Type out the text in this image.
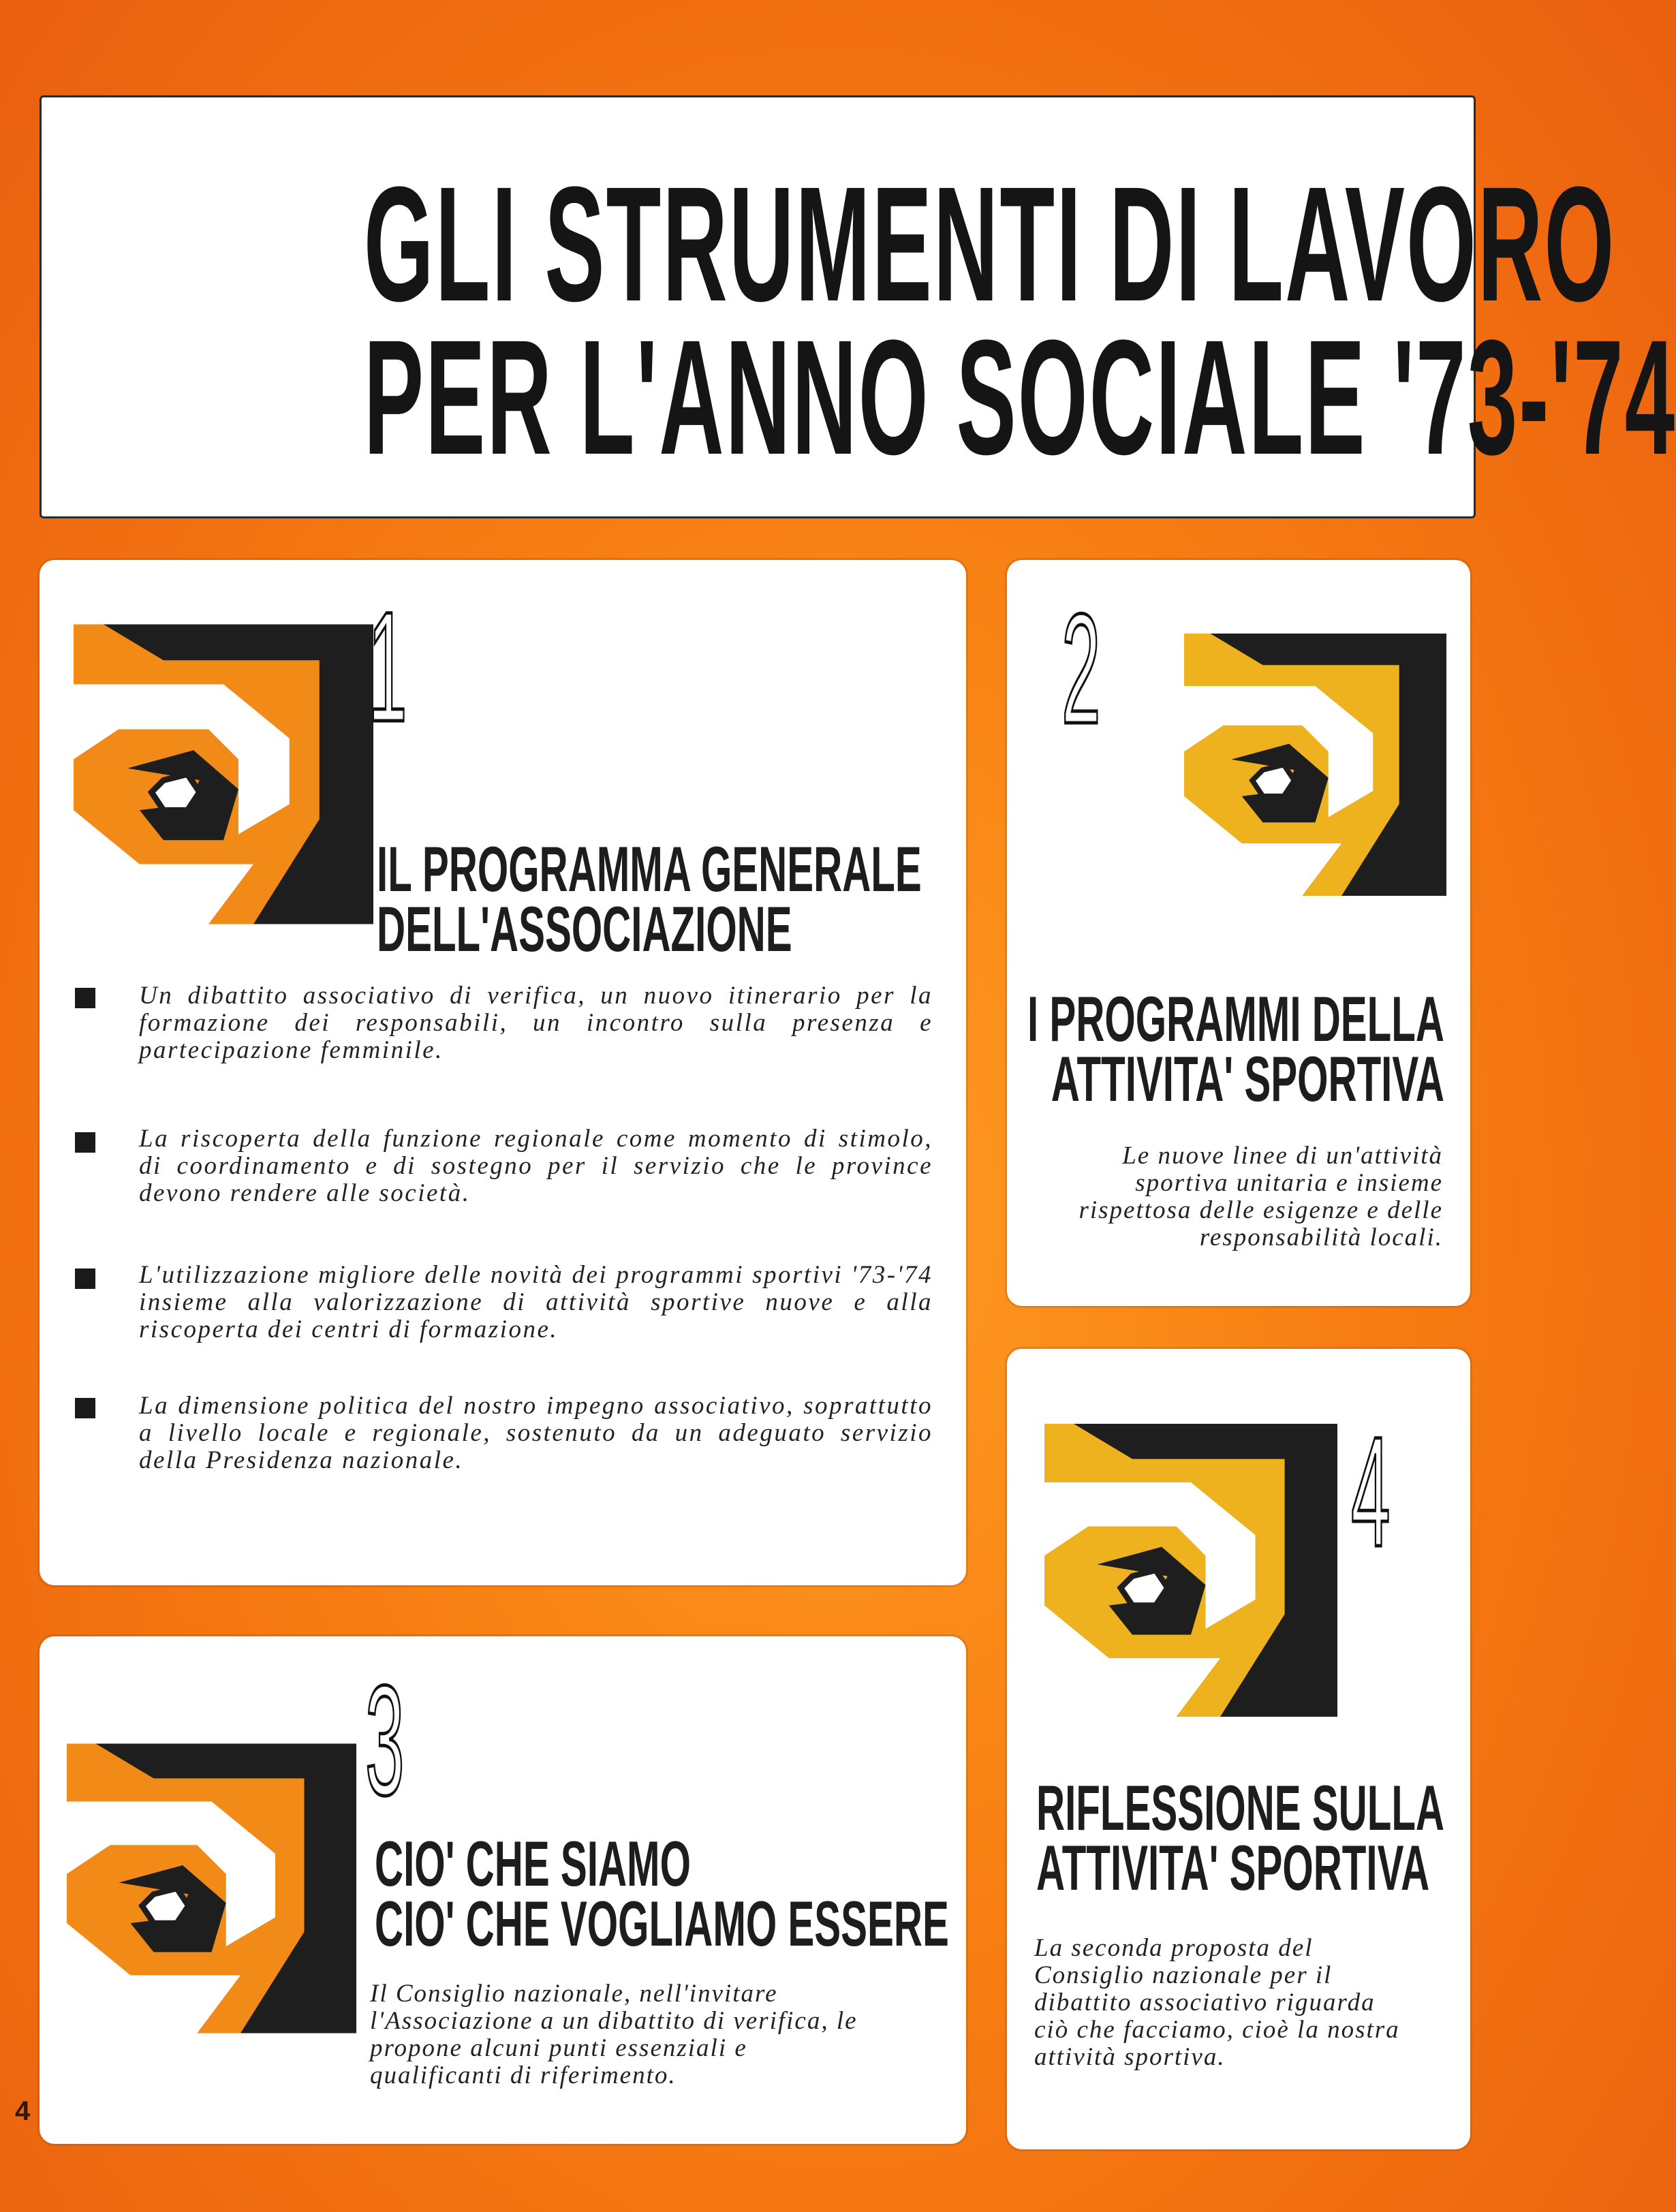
GLI STRUMENTI DI LAVORO
PER L'ANNO SOCIALE '73-'74
1
IL PROGRAMMA GENERALE
DELL'ASSOCIAZIONE
Un dibattito associativo di verifica, un nuovo itinerario per la formazione dei responsabili, un incontro sulla presenza e partecipazione femminile.
La riscoperta della funzione regionale come momento di stimolo, di coordinamento e di sostegno per il servizio che le province devono rendere alle società.
L'utilizzazione migliore delle novità dei programmi sportivi '73-'74 insieme alla valorizzazione di attività sportive nuove e alla riscoperta dei centri di formazione.
La dimensione politica del nostro impegno associativo, soprattutto a livello locale e regionale, sostenuto da un adeguato servizio della Presidenza nazionale.
2
I PROGRAMMI DELLA
ATTIVITA' SPORTIVA
Le nuove linee di un'attività sportiva unitaria e insieme rispettosa delle esigenze e delle responsabilità locali.
3
CIO' CHE SIAMO
CIO' CHE VOGLIAMO ESSERE
Il Consiglio nazionale, nell'invitare l'Associazione a un dibattito di verifica, le propone alcuni punti essenziali e qualificanti di riferimento.
4
RIFLESSIONE SULLA
ATTIVITA' SPORTIVA
La seconda proposta del Consiglio nazionale per il dibattito associativo riguarda ciò che facciamo, cioè la nostra attività sportiva.
4
